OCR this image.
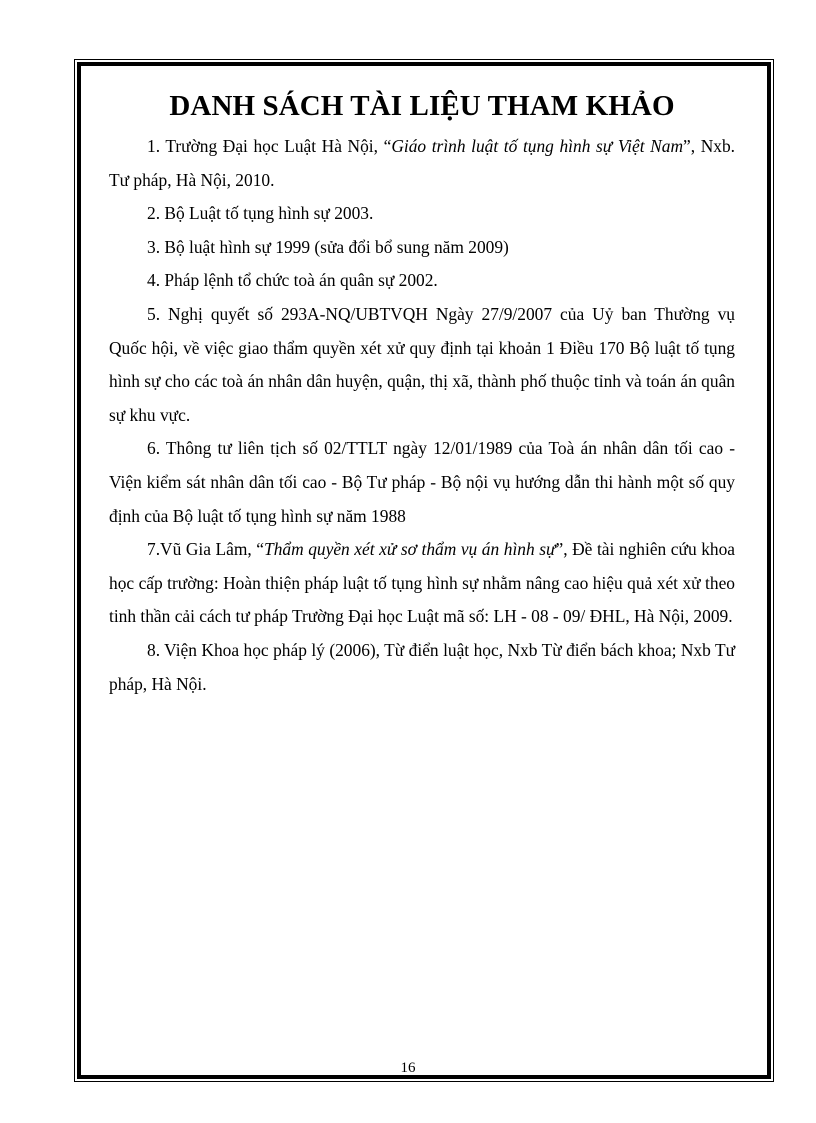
DANH SÁCH TÀI LIỆU THAM KHẢO

1. Trường Đại học Luật Hà Nội, “Giáo trình luật tố tụng hình sự Việt Nam”, Nxb. Tư pháp, Hà Nội, 2010.

2. Bộ Luật tố tụng hình sự 2003.

3. Bộ luật hình sự 1999 (sửa đổi bổ sung năm 2009)

4. Pháp lệnh tổ chức toà án quân sự 2002.

5. Nghị quyết số 293A-NQ/UBTVQH Ngày 27/9/2007 của Uỷ ban Thường vụ Quốc hội, về việc giao thẩm quyền xét xử quy định tại khoản 1 Điều 170 Bộ luật tố tụng hình sự cho các toà án nhân dân huyện, quận, thị xã, thành phố thuộc tỉnh và toán án quân sự khu vực.

6. Thông tư liên tịch số 02/TTLT ngày 12/01/1989 của Toà án nhân dân tối cao - Viện kiểm sát nhân dân tối cao - Bộ Tư pháp - Bộ nội vụ hướng dẫn thi hành một số quy định của Bộ luật tố tụng hình sự năm 1988

7.Vũ Gia Lâm, “Thẩm quyền xét xử sơ thẩm vụ án hình sự”, Đề tài nghiên cứu khoa học cấp trường: Hoàn thiện pháp luật tố tụng hình sự nhằm nâng cao hiệu quả xét xử theo tinh thần cải cách tư pháp Trường Đại học Luật mã số: LH - 08 - 09/ ĐHL, Hà Nội, 2009.

8. Viện Khoa học pháp lý (2006), Từ điển luật học, Nxb Từ điển bách khoa; Nxb Tư pháp, Hà Nội.

16
